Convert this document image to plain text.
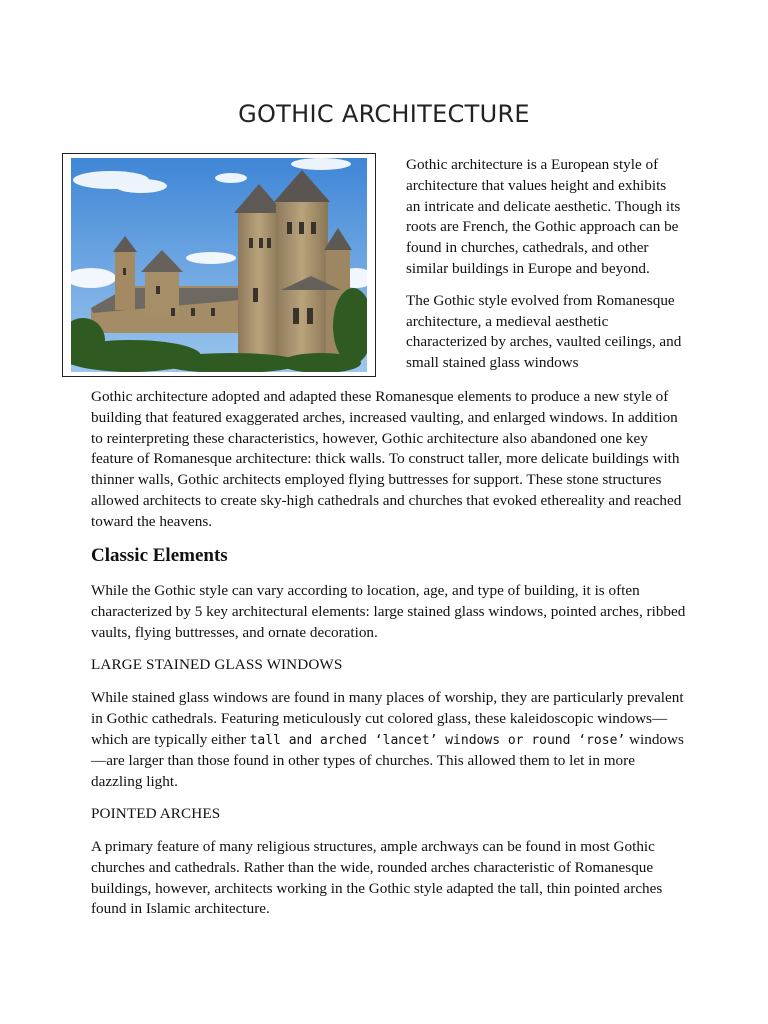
GOTHIC ARCHITECTURE

Gothic architecture is a European style of architecture that values height and exhibits an intricate and delicate aesthetic. Though its roots are French, the Gothic approach can be found in churches, cathedrals, and other similar buildings in Europe and beyond.

The Gothic style evolved from Romanesque architecture, a medieval aesthetic characterized by arches, vaulted ceilings, and small stained glass windows

Gothic architecture adopted and adapted these Romanesque elements to produce a new style of building that featured exaggerated arches, increased vaulting, and enlarged windows. In addition to reinterpreting these characteristics, however, Gothic architecture also abandoned one key feature of Romanesque architecture: thick walls. To construct taller, more delicate buildings with thinner walls, Gothic architects employed flying buttresses for support. These stone structures allowed architects to create sky-high cathedrals and churches that evoked ethereality and reached toward the heavens.

Classic Elements

While the Gothic style can vary according to location, age, and type of building, it is often characterized by 5 key architectural elements: large stained glass windows, pointed arches, ribbed vaults, flying buttresses, and ornate decoration.

LARGE STAINED GLASS WINDOWS

While stained glass windows are found in many places of worship, they are particularly prevalent in Gothic cathedrals. Featuring meticulously cut colored glass, these kaleidoscopic windows—which are typically either tall and arched ‘lancet’ windows or round ‘rose’ windows—are larger than those found in other types of churches. This allowed them to let in more dazzling light.

POINTED ARCHES

A primary feature of many religious structures, ample archways can be found in most Gothic churches and cathedrals. Rather than the wide, rounded arches characteristic of Romanesque buildings, however, architects working in the Gothic style adapted the tall, thin pointed arches found in Islamic architecture.
